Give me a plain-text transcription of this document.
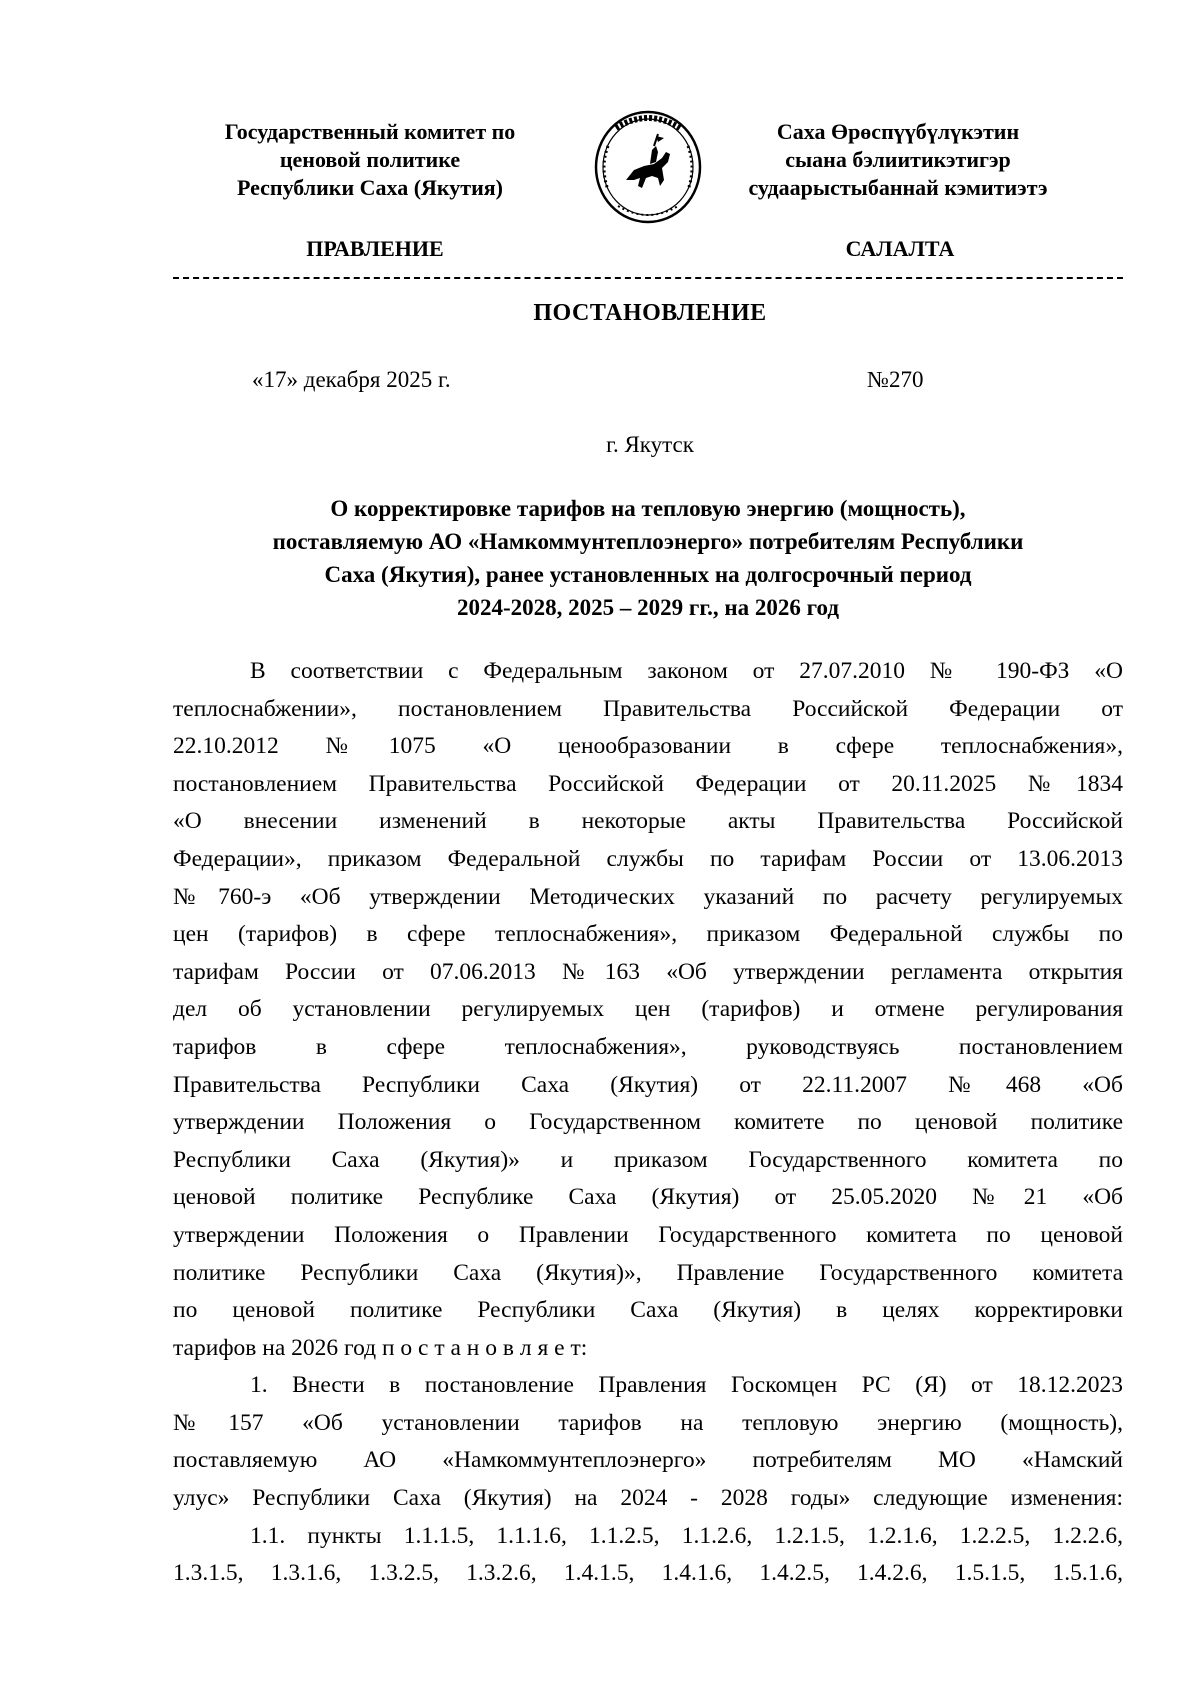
Государственный комитет по
ценовой политике
Республики Саха (Якутия)
Саха Өрөспүүбүлүкэтин
сыана бэлиитикэтигэр
судаарыстыбаннай кэмитиэтэ
ПРАВЛЕНИЕ	САЛАЛТА
ПОСТАНОВЛЕНИЕ
«17» декабря 2025 г.	№270
г. Якутск
О корректировке тарифов на тепловую энергию (мощность),
поставляемую АО «Намкоммунтеплоэнерго» потребителям Республики
Саха (Якутия), ранее установленных на долгосрочный период
2024-2028, 2025 – 2029 гг., на 2026 год
В соответствии с Федеральным законом от 27.07.2010 № 190-ФЗ «О
теплоснабжении», постановлением Правительства Российской Федерации от
22.10.2012 №1075 «О ценообразовании в сфере теплоснабжения»,
постановлением Правительства Российской Федерации от 20.11.2025 №1834
«О внесении изменений в некоторые акты Правительства Российской
Федерации», приказом Федеральной службы по тарифам России от 13.06.2013
№760-э «Об утверждении Методических указаний по расчету регулируемых
цен (тарифов) в сфере теплоснабжения», приказом Федеральной службы по
тарифам России от 07.06.2013 №163 «Об утверждении регламента открытия
дел об установлении регулируемых цен (тарифов) и отмене регулирования
тарифов в сфере теплоснабжения», руководствуясь постановлением
Правительства Республики Саха (Якутия) от 22.11.2007 №468 «Об
утверждении Положения о Государственном комитете по ценовой политике
Республики Саха (Якутия)» и приказом Государственного комитета по
ценовой политике Республике Саха (Якутия) от 25.05.2020 №21 «Об
утверждении Положения о Правлении Государственного комитета по ценовой
политике Республики Саха (Якутия)», Правление Государственного комитета
по ценовой политике Республики Саха (Якутия) в целях корректировки
тарифов на 2026 год п о с т а н о в л я е т:
1. Внести в постановление Правления Госкомцен РС (Я) от 18.12.2023
№157 «Об установлении тарифов на тепловую энергию (мощность),
поставляемую АО «Намкоммунтеплоэнерго» потребителям МО «Намский
улус» Республики Саха (Якутия) на 2024 - 2028 годы» следующие изменения:
1.1. пункты 1.1.1.5, 1.1.1.6, 1.1.2.5, 1.1.2.6, 1.2.1.5, 1.2.1.6, 1.2.2.5, 1.2.2.6,
1.3.1.5, 1.3.1.6, 1.3.2.5, 1.3.2.6, 1.4.1.5, 1.4.1.6, 1.4.2.5, 1.4.2.6, 1.5.1.5, 1.5.1.6,
